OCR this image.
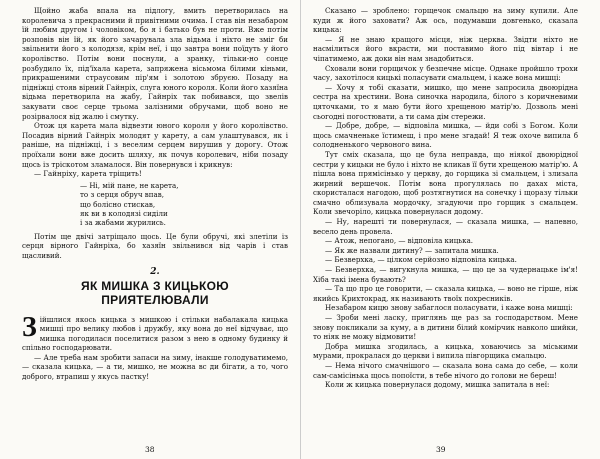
Щойно жаба впала на підлогу, вмить перетворилась на королевича з прекрасними й привітними очима. І став він незабаром їй любим другом і чоловіком, бо я і батько був не проти. Вже потім розповів він їй, як його зачарувала зла відьма і ніхто не зміг би звільнити його з колодязя, крім неї, і що завтра вони поїдуть у його королівство. Потім вони поснули, а зранку, тільки-но сонце розбудило їх, під'їхала карета, запряжена вісьмома білими кіньми, прикрашеними страусовим пір'ям і золотою збруєю. Позаду на підніжці стояв вірний Гайнріх, слуга юного короля. Коли його хазяїна відьма перетворила на жабу, Гайнріх так побивався, що звелів закувати своє серце трьома залізними обручами, щоб воно не розірвалося від жалю і смутку.

Отож ця карета мала відвезти юного короля у його королівство. Посадив вірний Гайнріх молодят у карету, а сам улаштувався, як і раніше, на підніжці, і з веселим серцем вирушив у дорогу. Отож проїхали вони вже досить шляху, як почув королевич, ніби позаду щось із тріскотом зламалося. Він повернувся і крикнув:

— Гайнріху, карета тріщить!

— Ні, мій пане, не карета,
то з серця обруч впав,
що болісно стискав,
як ви в колодязі сиділи
і за жабами журились.

Потім ще двічі затріщало щось. Це були обручі, які злетіли із серця вірного Гайнріха, бо хазяїн звільнився від чарів і став щасливий.

2.
ЯК МИШКА З КИЦЬКОЮ
ПРИЯТЕЛЮВАЛИ

Зійшлися якось кицька з мишкою і стільки набалакала кицька мишці про велику любов і дружбу, яку вона до неї відчуває, що мишка погодилася поселитися разом з нею в одному будинку й спільно господарювати.

— Але треба нам зробити запаси на зиму, інакше голодуватимемо, — сказала кицька, — а ти, мишко, не можна вс ди бігати, а то, чого доброго, втрапиш у якусь пастку!

38

Сказано — зроблено: горщечок смальцю на зиму купили. Але куди ж його заховати? Аж ось, подумавши довгенько, сказала кицька:

— Я не знаю кращого місця, ніж церква. Звідти ніхто не насмілиться його вкрасти, ми поставимо його під вівтар і не чіпатимемо, аж доки він нам знадобиться.

Сховали вони горщичок у безпечне місце. Однаке пройшло трохи часу, захотілося кицькі поласувати смальцем, і каже вона мишці:

— Хочу я тобі сказати, мишко, що мене запросила двоюрідна сестра на хрестини. Вона синочка народила, білого з коричневими цяточками, то я маю бути його хрещеною матір'ю. Дозволь мені сьогодні погостювати, а ти сама дім стережи.

— Добре, добре, — відповіла мишка, — йди собі з Богом. Коли щось смачненьке їстимеш, і про мене згадай! Я теж охоче випила б солодненького червоного вина.

Тут сміх сказала, що це була неправда, що ніякої двоюрідної сестри у кицьки не було і ніхто не кликав її бути хрещеною матір'ю. А пішла вона прямісінько у церкву, до горщика зі смальцем, і злизала жирний вершечок. Потім вона прогулялась по дахах міста, скористалася нагодою, щоб розтягнутися на сонечку і щоразу тільки смачно облизувала мордочку, згадуючи про горщик з смальцем. Коли звечоріло, кицька повернулася додому.

— Ну, нарешті ти повернулася, — сказала мишка, — напевно, весело день провела.

— Атож, непогано, — відповіла кицька.

— Як же назвали дитину? — запитала мишка.

— Безверхка, — цілком серйозно відповіла кицька.

— Безверхка, — вигукнула мишка, — що це за чудернацьке ім'я! Хіба такі імена бувають?

— Та що про це говорити, — сказала кицька, — воно не гірше, ніж якийсь Крихтокрад, як називають твоїх похресників.

Незабаром кицю знову забаглося поласувати, і каже вона мишці:

— Зроби мені ласку, приглянь ще раз за господарством. Мене знову покликали за куму, а в дитини білий комірчик навколо шийки, то ніяк не можу відмовити!

Добра мишка згодилась, а кицька, ховаючись за міськими мурами, прокралася до церкви і випила півгорщика смальцю.

— Нема нічого смачнішого — сказала вона сама до себе, — коли сам-самісінька щось попоїсти, в тебе нічого до голови не береш!

Коли ж кицька повернулася додому, мишка запитала в неї:

39
